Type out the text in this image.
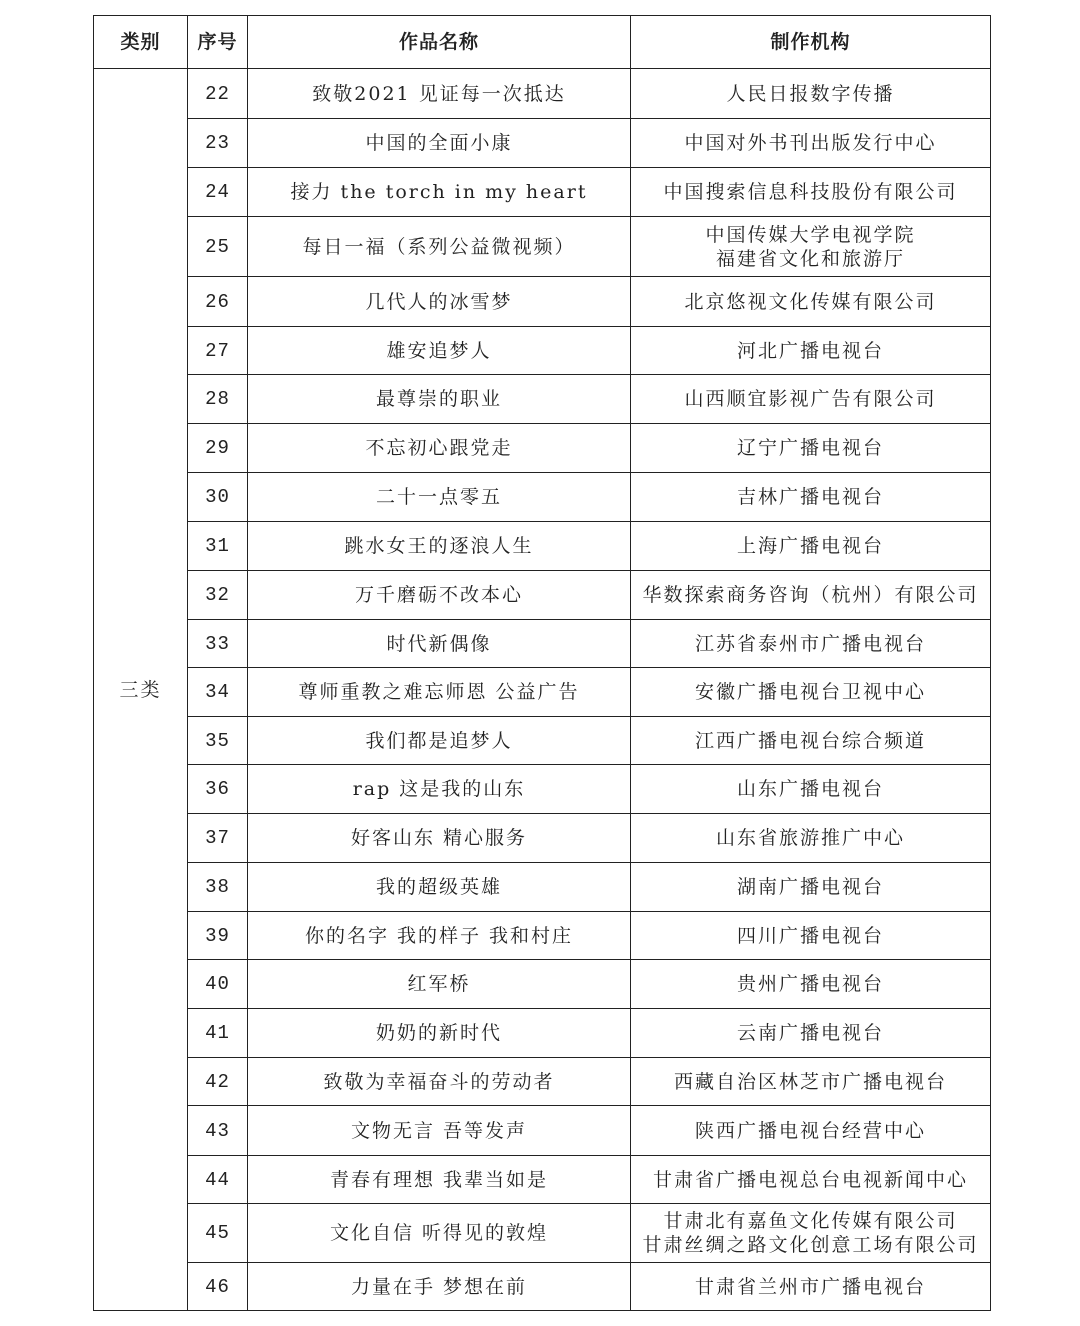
类别	序号	作品名称	制作机构
三类	22	致敬2021 见证每一次抵达	人民日报数字传播

	23	中国的全面小康	中国对外书刊出版发行中心

	24	接力 the torch in my heart	中国搜索信息科技股份有限公司

	25	每日一福（系列公益微视频）	中国传媒大学电视学院
福建省文化和旅游厅

	26	几代人的冰雪梦	北京悠视文化传媒有限公司

	27	雄安追梦人	河北广播电视台

	28	最尊崇的职业	山西顺宜影视广告有限公司

	29	不忘初心跟党走	辽宁广播电视台

	30	二十一点零五	吉林广播电视台

	31	跳水女王的逐浪人生	上海广播电视台

	32	万千磨砺不改本心	华数探索商务咨询（杭州）有限公司

	33	时代新偶像	江苏省泰州市广播电视台

	34	尊师重教之难忘师恩 公益广告	安徽广播电视台卫视中心

	35	我们都是追梦人	江西广播电视台综合频道

	36	rap 这是我的山东	山东广播电视台

	37	好客山东 精心服务	山东省旅游推广中心

	38	我的超级英雄	湖南广播电视台

	39	你的名字 我的样子 我和村庄	四川广播电视台

	40	红军桥	贵州广播电视台

	41	奶奶的新时代	云南广播电视台

	42	致敬为幸福奋斗的劳动者	西藏自治区林芝市广播电视台

	43	文物无言 吾等发声	陕西广播电视台经营中心

	44	青春有理想 我辈当如是	甘肃省广播电视总台电视新闻中心

	45	文化自信 听得见的敦煌	甘肃北有嘉鱼文化传媒有限公司
甘肃丝绸之路文化创意工场有限公司

	46	力量在手 梦想在前	甘肃省兰州市广播电视台
